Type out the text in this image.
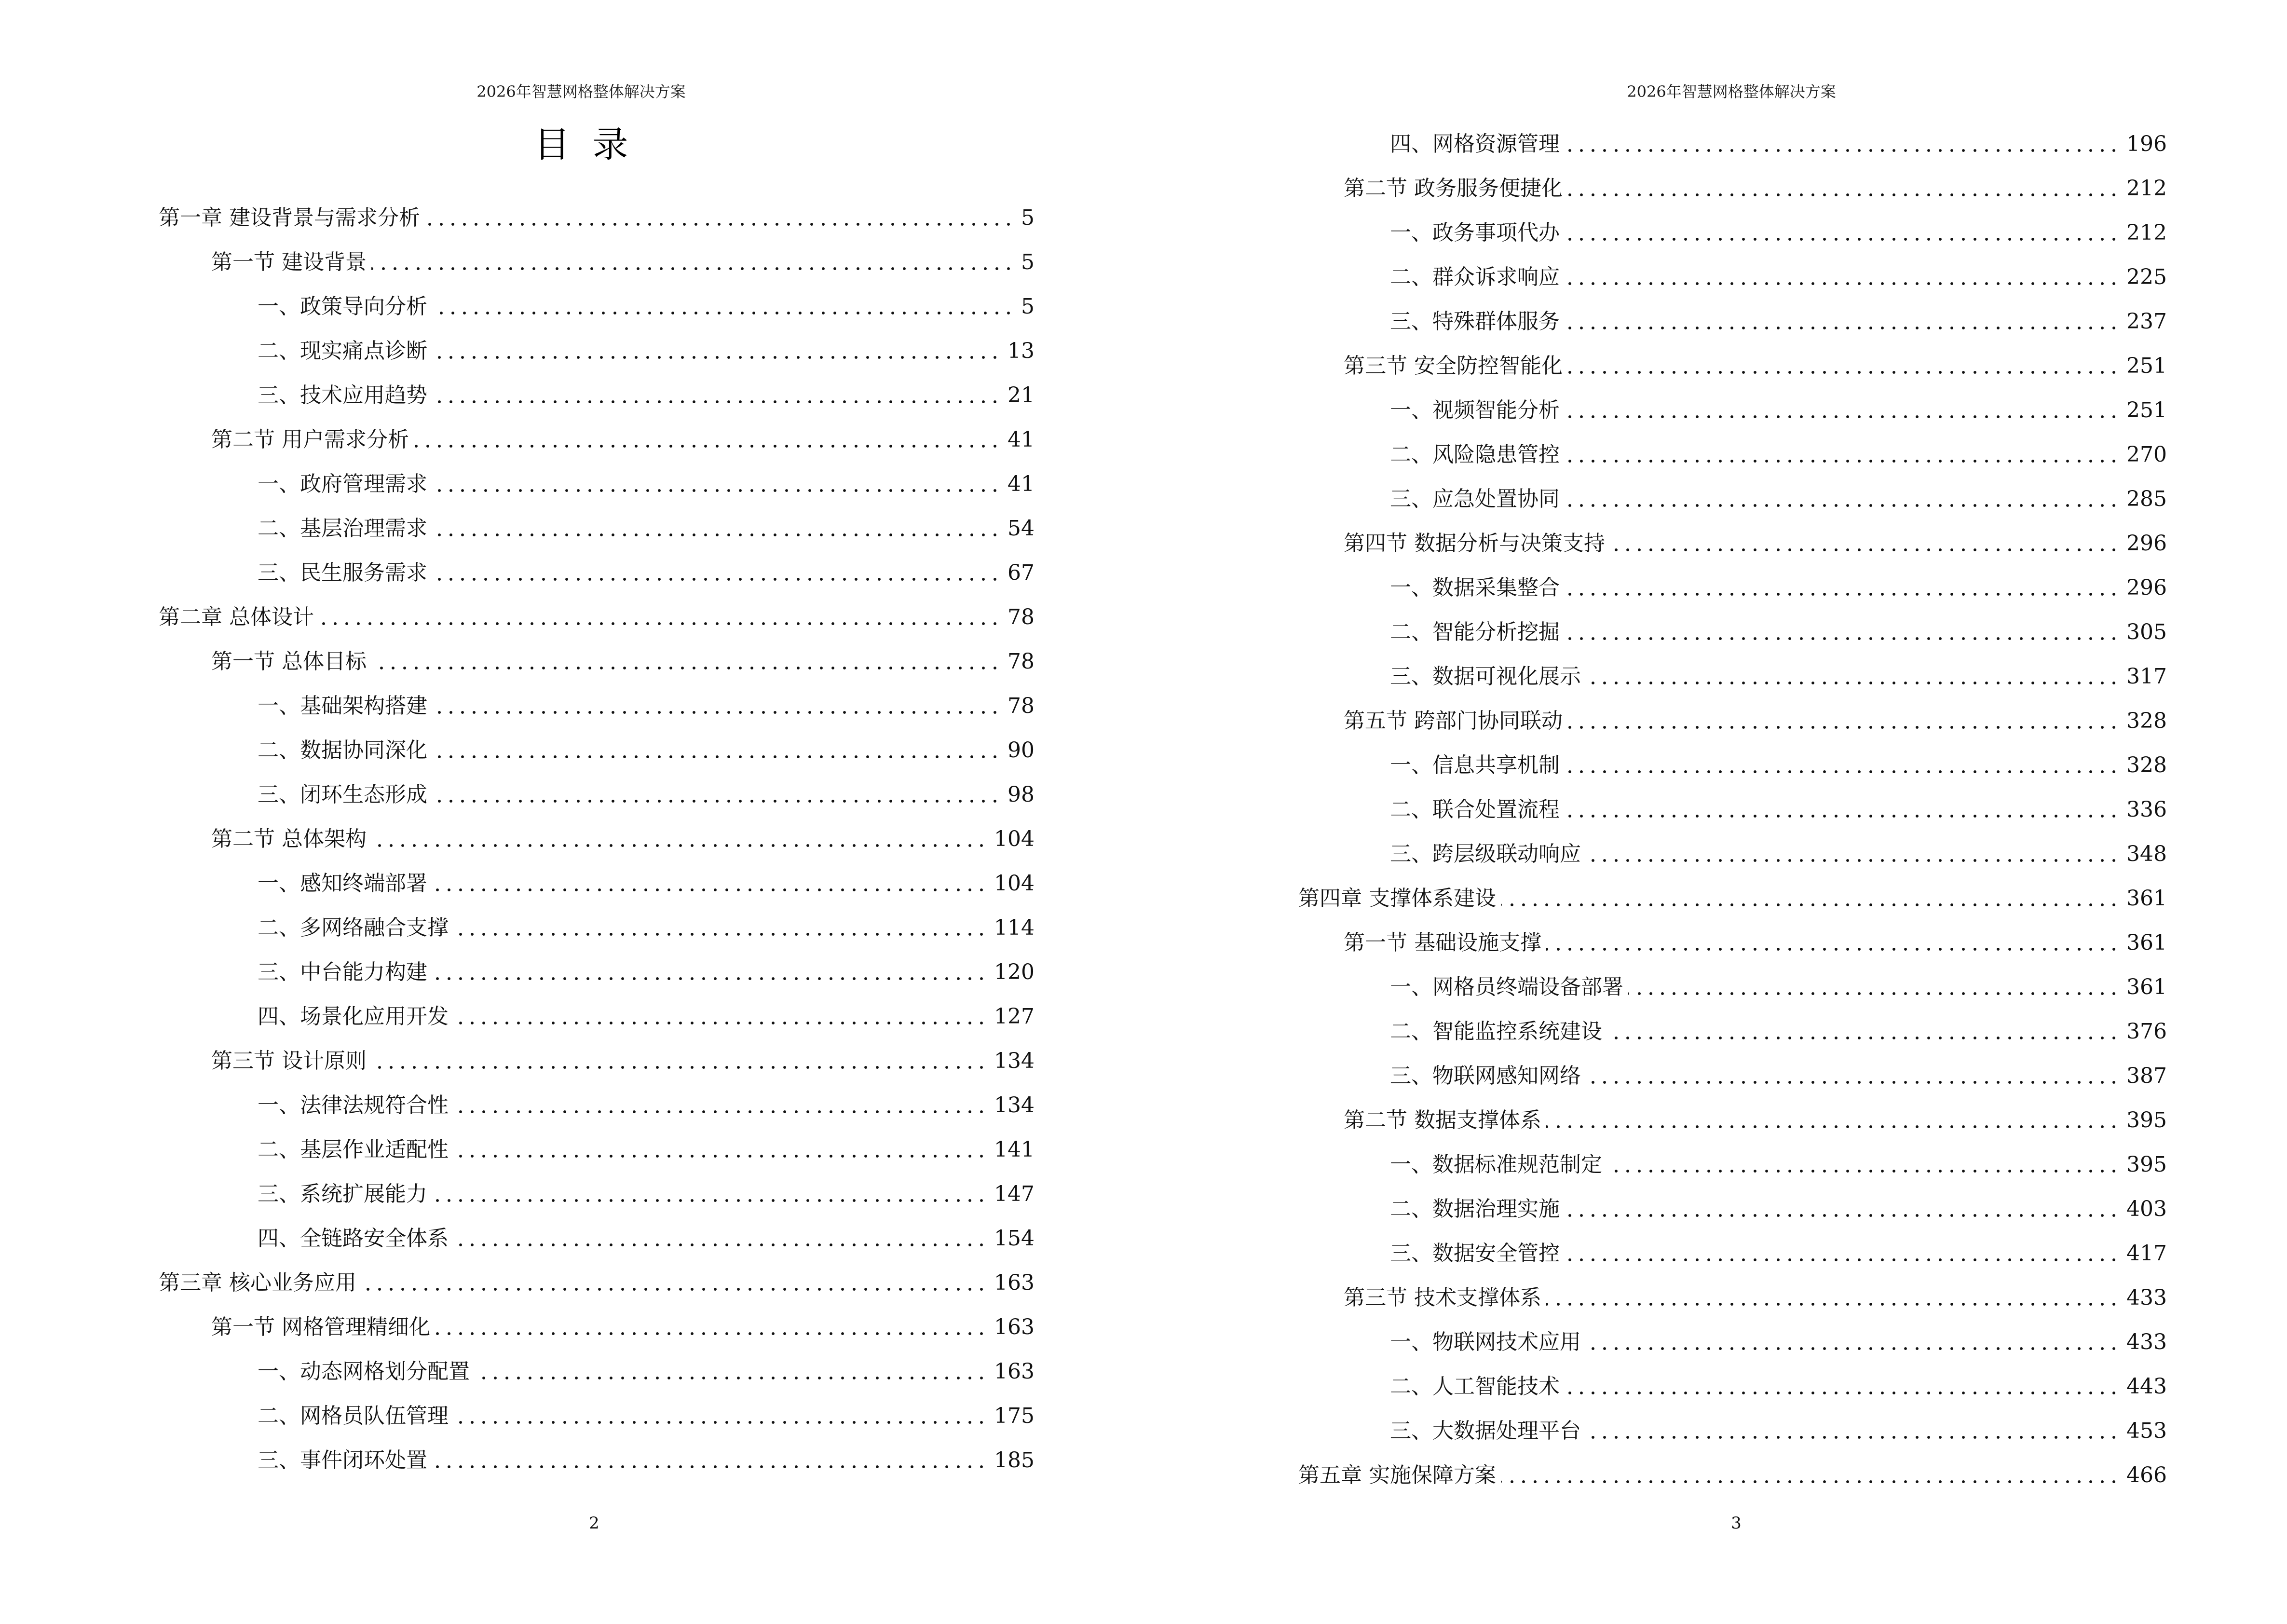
2026年智慧网格整体解决方案
目  录
第一章 建设背景与需求分析	5
第一节 建设背景	5
一、政策导向分析	5
二、现实痛点诊断	13
三、技术应用趋势	21
第二节 用户需求分析	41
一、政府管理需求	41
二、基层治理需求	54
三、民生服务需求	67
第二章 总体设计	78
第一节 总体目标	78
一、基础架构搭建	78
二、数据协同深化	90
三、闭环生态形成	98
第二节 总体架构	104
一、感知终端部署	104
二、多网络融合支撑	114
三、中台能力构建	120
四、场景化应用开发	127
第三节 设计原则	134
一、法律法规符合性	134
二、基层作业适配性	141
三、系统扩展能力	147
四、全链路安全体系	154
第三章 核心业务应用	163
第一节 网格管理精细化	163
一、动态网格划分配置	163
二、网格员队伍管理	175
三、事件闭环处置	185
2
2026年智慧网格整体解决方案
四、网格资源管理	196
第二节 政务服务便捷化	212
一、政务事项代办	212
二、群众诉求响应	225
三、特殊群体服务	237
第三节 安全防控智能化	251
一、视频智能分析	251
二、风险隐患管控	270
三、应急处置协同	285
第四节 数据分析与决策支持	296
一、数据采集整合	296
二、智能分析挖掘	305
三、数据可视化展示	317
第五节 跨部门协同联动	328
一、信息共享机制	328
二、联合处置流程	336
三、跨层级联动响应	348
第四章 支撑体系建设	361
第一节 基础设施支撑	361
一、网格员终端设备部署	361
二、智能监控系统建设	376
三、物联网感知网络	387
第二节 数据支撑体系	395
一、数据标准规范制定	395
二、数据治理实施	403
三、数据安全管控	417
第三节 技术支撑体系	433
一、物联网技术应用	433
二、人工智能技术	443
三、大数据处理平台	453
第五章 实施保障方案	466
3
